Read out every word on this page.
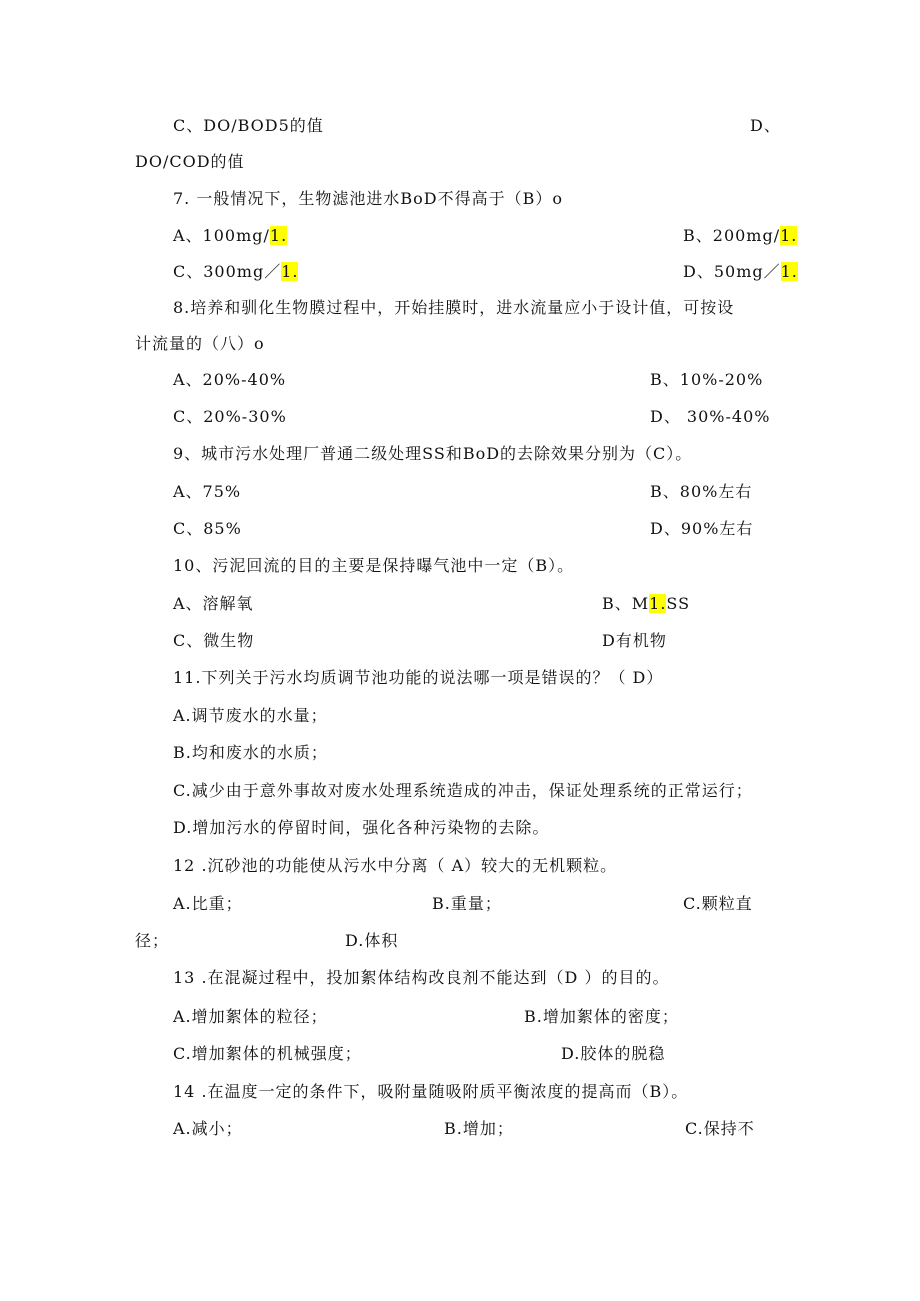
C、DO/BOD5的值	D、
DO/COD的值
7. 一般情况下，生物滤池进水BoD不得高于（B）o
A、100mg/1.	B、200mg/1.
C、300mg／1.	D、50mg／1.
8.培养和驯化生物膜过程中，开始挂膜时，进水流量应小于设计值，可按设
计流量的（八）o
A、20%-40%	B、10%-20%
C、20%-30%	D、 30%-40%
9、城市污水处理厂普通二级处理SS和BoD的去除效果分别为（C）。
A、75%	B、80%左右
C、85%	D、90%左右
10、污泥回流的目的主要是保持曝气池中一定（B）。
A、溶解氧	B、M1.SS
C、微生物	D有机物
11.下列关于污水均质调节池功能的说法哪一项是错误的？（ D）
A.调节废水的水量；
B.均和废水的水质；
C.减少由于意外事故对废水处理系统造成的冲击，保证处理系统的正常运行；
D.增加污水的停留时间，强化各种污染物的去除。
12 .沉砂池的功能使从污水中分离（ A）较大的无机颗粒。
A.比重；	B.重量；	C.颗粒直
径；	D.体积
13 .在混凝过程中，投加絮体结构改良剂不能达到（D ）的目的。
A.增加絮体的粒径；	B.增加絮体的密度；
C.增加絮体的机械强度；	D.胶体的脱稳
14 .在温度一定的条件下，吸附量随吸附质平衡浓度的提高而（B）。
A.减小；	B.增加；	C.保持不
